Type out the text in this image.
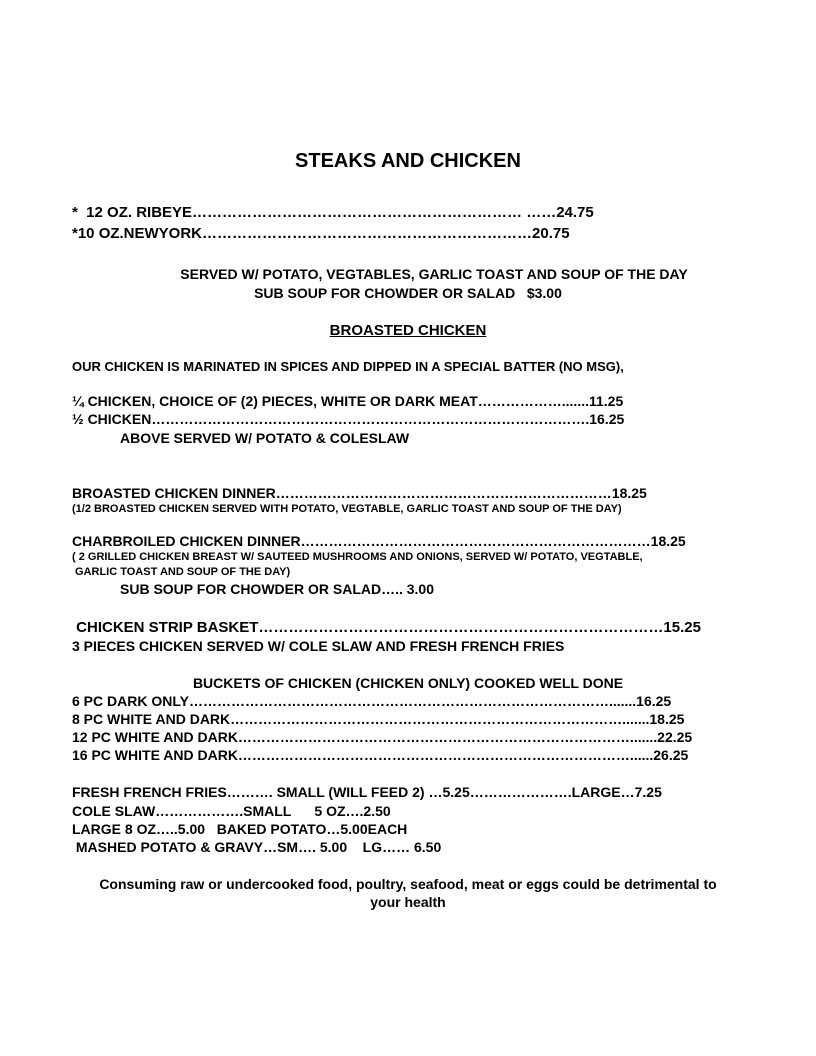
STEAKS AND CHICKEN
*  12 OZ. RIBEYE………………………………………………………… ……24.75
*10 OZ.NEWYORK…………………………………………………………20.75
SERVED W/ POTATO, VEGTABLES, GARLIC TOAST AND SOUP OF THE DAY
SUB SOUP FOR CHOWDER OR SALAD   $3.00
BROASTED CHICKEN
OUR CHICKEN IS MARINATED IN SPICES AND DIPPED IN A SPECIAL BATTER (NO MSG),
¼ CHICKEN, CHOICE OF (2) PIECES, WHITE OR DARK MEAT……………….......11.25
½ CHICKEN………………………………………………………………………………….16.25
ABOVE SERVED W/ POTATO & COLESLAW
BROASTED CHICKEN DINNER………………………………………………………………18.25
(1/2 BROASTED CHICKEN SERVED WITH POTATO, VEGTABLE, GARLIC TOAST AND SOUP OF THE DAY)
CHARBROILED CHICKEN DINNER…………………………………………………………………18.25
( 2 GRILLED CHICKEN BREAST W/ SAUTEED MUSHROOMS AND ONIONS, SERVED W/ POTATO, VEGTABLE,
GARLIC TOAST AND SOUP OF THE DAY)
SUB SOUP FOR CHOWDER OR SALAD….. 3.00
CHICKEN STRIP BASKET………………………………………………………………………15.25
3 PIECES CHICKEN SERVED W/ COLE SLAW AND FRESH FRENCH FRIES
BUCKETS OF CHICKEN (CHICKEN ONLY) COOKED WELL DONE
6 PC DARK ONLY……………………………………………………………………………….......16.25
8 PC WHITE AND DARK………………………………………………………………………….......18.25
12 PC WHITE AND DARK………………………………………………………………………….......22.25
16 PC WHITE AND DARK…………………………………………………………………………......26.25
FRESH FRENCH FRIES………. SMALL (WILL FEED 2) …5.25………………….LARGE…7.25
COLE SLAW……………….SMALL      5 OZ….2.50
LARGE 8 OZ…..5.00   BAKED POTATO…5.00EACH
MASHED POTATO & GRAVY…SM…. 5.00    LG…… 6.50
Consuming raw or undercooked food, poultry, seafood, meat or eggs could be detrimental to
your health
